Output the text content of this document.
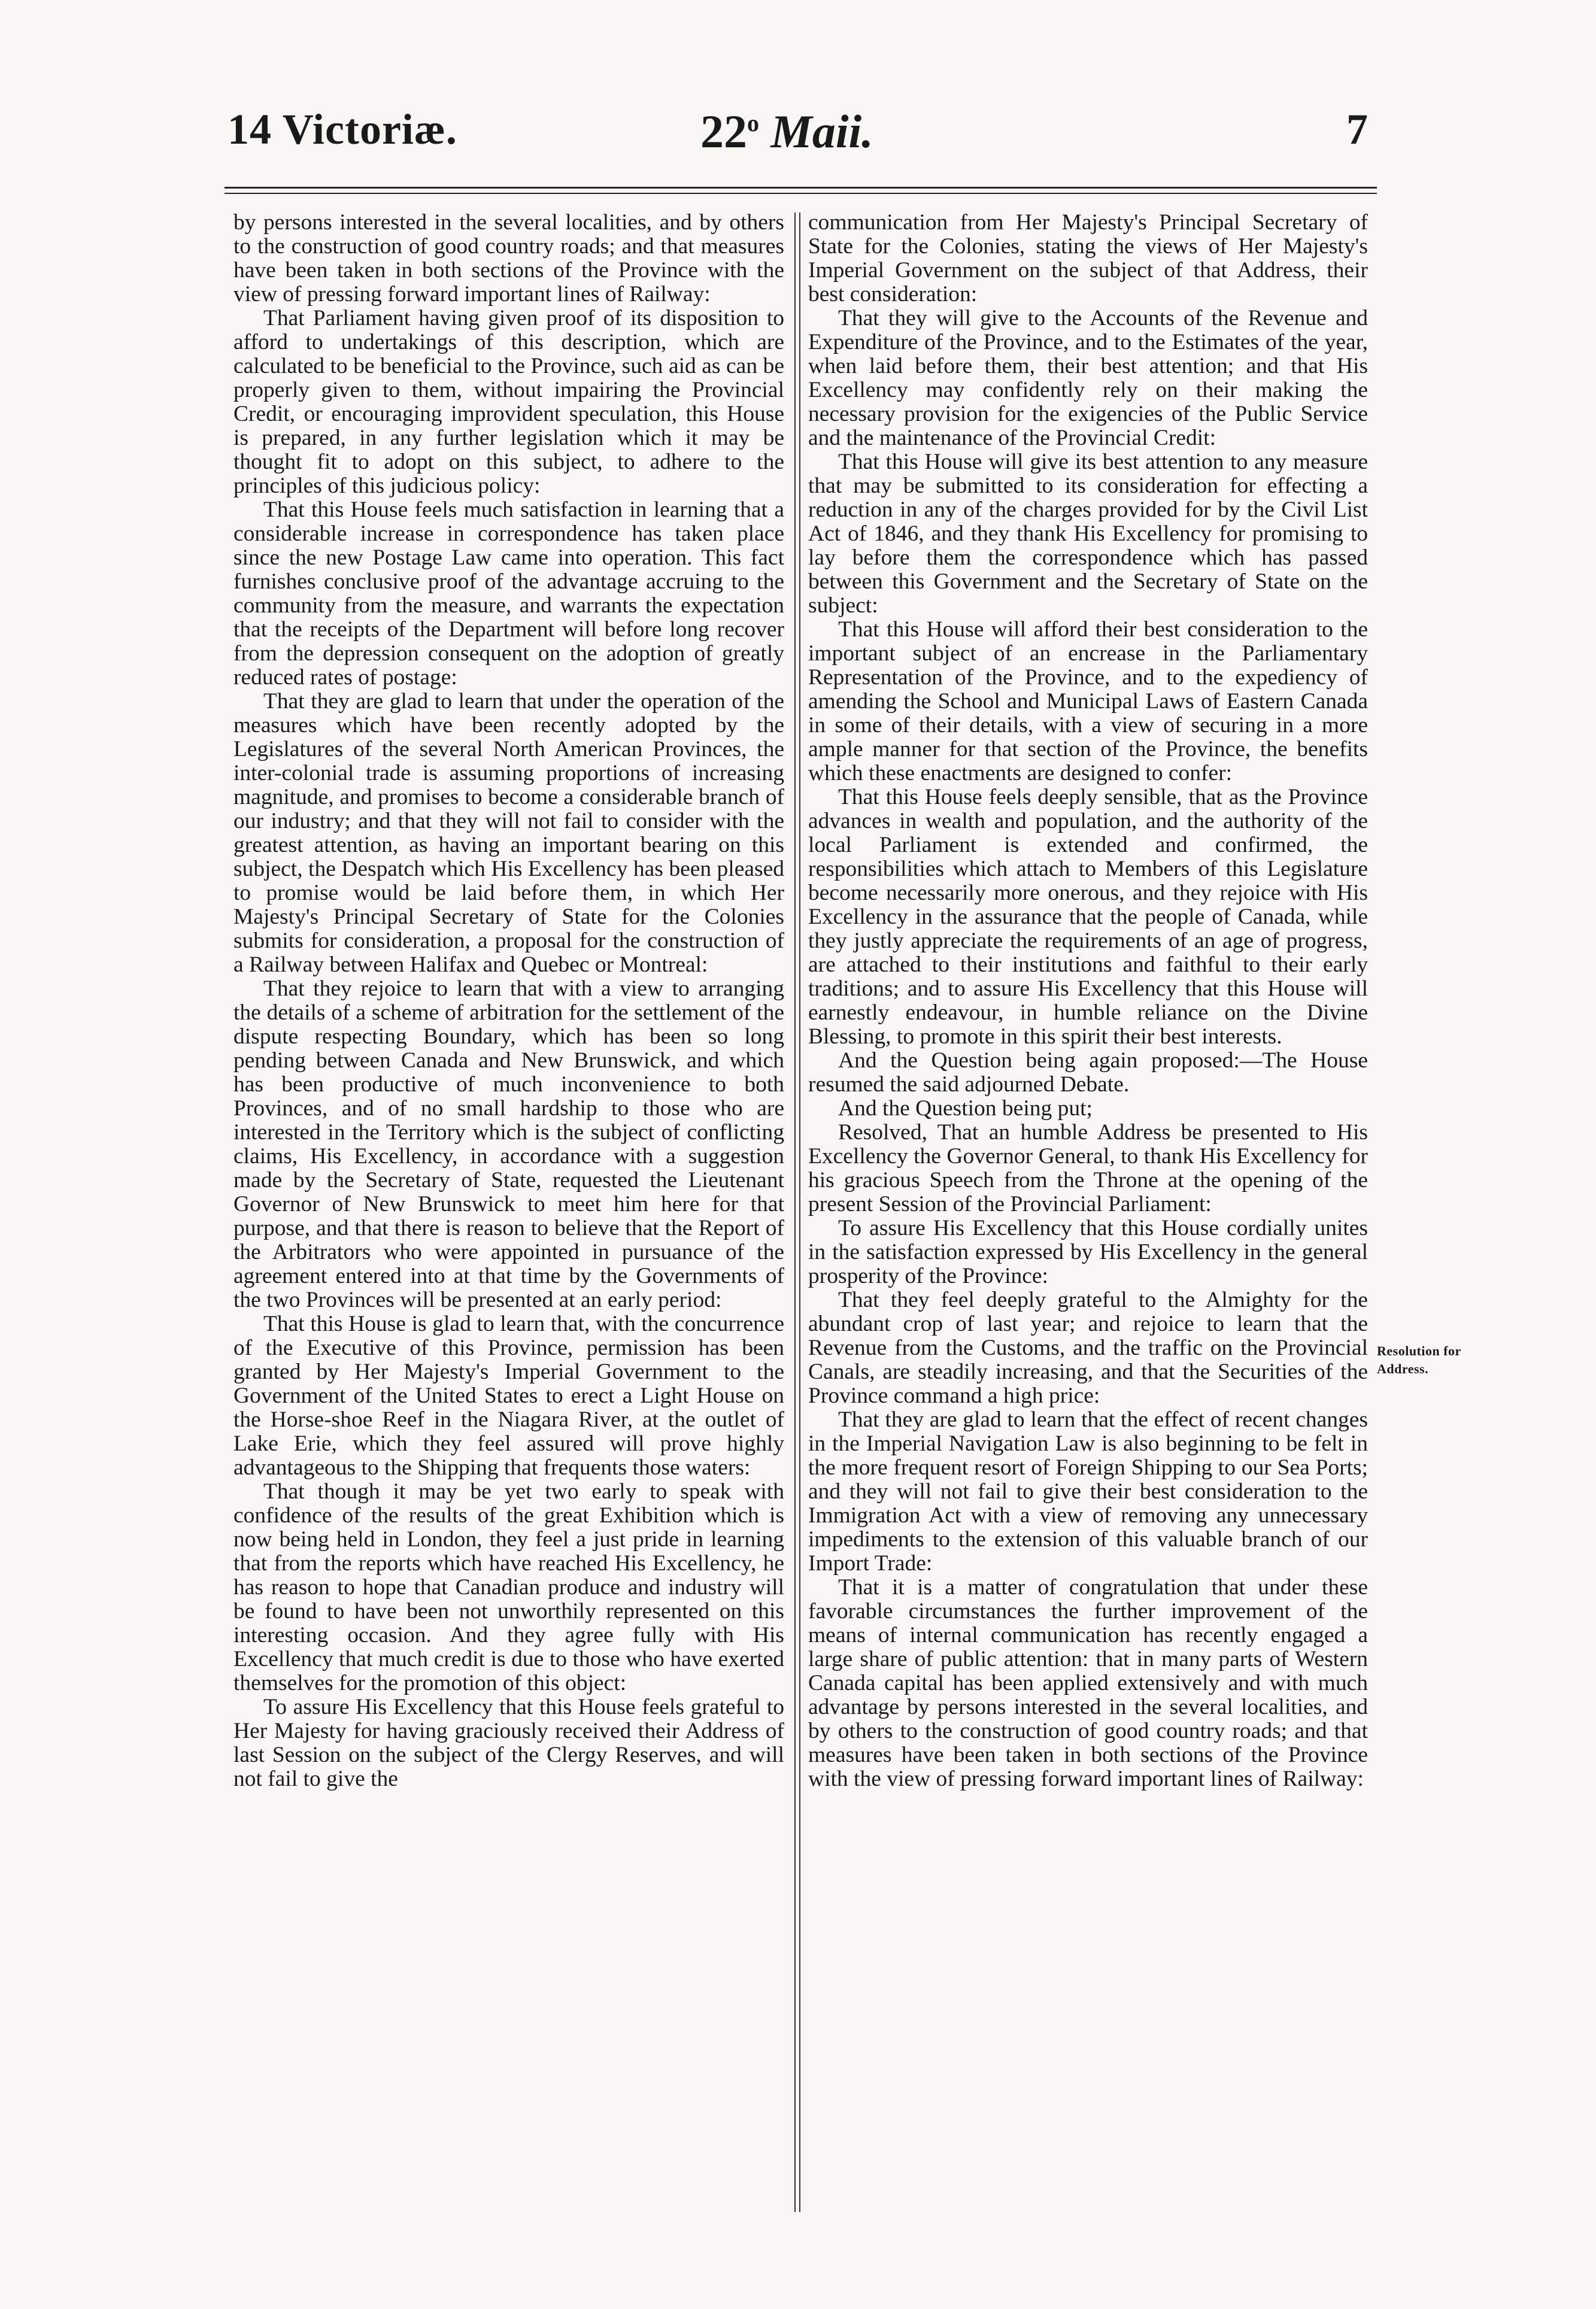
14 Victoriæ.	22$^o$ Maii.	7

by persons interested in the several localities, and by others to the construction of good country roads; and that measures have been taken in both sections of the Province with the view of pressing forward important lines of Railway:

That Parliament having given proof of its disposition to afford to undertakings of this description, which are calculated to be beneficial to the Province, such aid as can be properly given to them, without impairing the Provincial Credit, or encouraging improvident speculation, this House is prepared, in any further legislation which it may be thought fit to adopt on this subject, to adhere to the principles of this judicious policy:

That this House feels much satisfaction in learning that a considerable increase in correspondence has taken place since the new Postage Law came into operation. This fact furnishes conclusive proof of the advantage accruing to the community from the measure, and warrants the expectation that the receipts of the Department will before long recover from the depression consequent on the adoption of greatly reduced rates of postage:

That they are glad to learn that under the operation of the measures which have been recently adopted by the Legislatures of the several North American Provinces, the inter-colonial trade is assuming proportions of increasing magnitude, and promises to become a considerable branch of our industry; and that they will not fail to consider with the greatest attention, as having an important bearing on this subject, the Despatch which His Excellency has been pleased to promise would be laid before them, in which Her Majesty's Principal Secretary of State for the Colonies submits for consideration, a proposal for the construction of a Railway between Halifax and Quebec or Montreal:

That they rejoice to learn that with a view to arranging the details of a scheme of arbitration for the settlement of the dispute respecting Boundary, which has been so long pending between Canada and New Brunswick, and which has been productive of much inconvenience to both Provinces, and of no small hardship to those who are interested in the Territory which is the subject of conflicting claims, His Excellency, in accordance with a suggestion made by the Secretary of State, requested the Lieutenant Governor of New Brunswick to meet him here for that purpose, and that there is reason to believe that the Report of the Arbitrators who were appointed in pursuance of the agreement entered into at that time by the Governments of the two Provinces will be presented at an early period:

That this House is glad to learn that, with the concurrence of the Executive of this Province, permission has been granted by Her Majesty's Imperial Government to the Government of the United States to erect a Light House on the Horse-shoe Reef in the Niagara River, at the outlet of Lake Erie, which they feel assured will prove highly advantageous to the Shipping that frequents those waters:

That though it may be yet two early to speak with confidence of the results of the great Exhibition which is now being held in London, they feel a just pride in learning that from the reports which have reached His Excellency, he has reason to hope that Canadian produce and industry will be found to have been not unworthily represented on this interesting occasion. And they agree fully with His Excellency that much credit is due to those who have exerted themselves for the promotion of this object:

To assure His Excellency that this House feels grateful to Her Majesty for having graciously received their Address of last Session on the subject of the Clergy Reserves, and will not fail to give the

communication from Her Majesty's Principal Secretary of State for the Colonies, stating the views of Her Majesty's Imperial Government on the subject of that Address, their best consideration:

That they will give to the Accounts of the Revenue and Expenditure of the Province, and to the Estimates of the year, when laid before them, their best attention; and that His Excellency may confidently rely on their making the necessary provision for the exigencies of the Public Service and the maintenance of the Provincial Credit:

That this House will give its best attention to any measure that may be submitted to its consideration for effecting a reduction in any of the charges provided for by the Civil List Act of 1846, and they thank His Excellency for promising to lay before them the correspondence which has passed between this Government and the Secretary of State on the subject:

That this House will afford their best consideration to the important subject of an encrease in the Parliamentary Representation of the Province, and to the expediency of amending the School and Municipal Laws of Eastern Canada in some of their details, with a view of securing in a more ample manner for that section of the Province, the benefits which these enactments are designed to confer:

That this House feels deeply sensible, that as the Province advances in wealth and population, and the authority of the local Parliament is extended and confirmed, the responsibilities which attach to Members of this Legislature become necessarily more onerous, and they rejoice with His Excellency in the assurance that the people of Canada, while they justly appreciate the requirements of an age of progress, are attached to their institutions and faithful to their early traditions; and to assure His Excellency that this House will earnestly endeavour, in humble reliance on the Divine Blessing, to promote in this spirit their best interests.

And the Question being again proposed:—The House resumed the said adjourned Debate.

And the Question being put;

Resolved, That an humble Address be presented to His Excellency the Governor General, to thank His Excellency for his gracious Speech from the Throne at the opening of the present Session of the Provincial Parliament:

To assure His Excellency that this House cordially unites in the satisfaction expressed by His Excellency in the general prosperity of the Province:

That they feel deeply grateful to the Almighty for the abundant crop of last year; and rejoice to learn that the Revenue from the Customs, and the traffic on the Provincial Canals, are steadily increasing, and that the Securities of the Province command a high price:

That they are glad to learn that the effect of recent changes in the Imperial Navigation Law is also beginning to be felt in the more frequent resort of Foreign Shipping to our Sea Ports; and they will not fail to give their best consideration to the Immigration Act with a view of removing any unnecessary impediments to the extension of this valuable branch of our Import Trade:

That it is a matter of congratulation that under these favorable circumstances the further improvement of the means of internal communication has recently engaged a large share of public attention: that in many parts of Western Canada capital has been applied extensively and with much advantage by persons interested in the several localities, and by others to the construction of good country roads; and that measures have been taken in both sections of the Province with the view of pressing forward important lines of Railway:

Resolution for Address.
